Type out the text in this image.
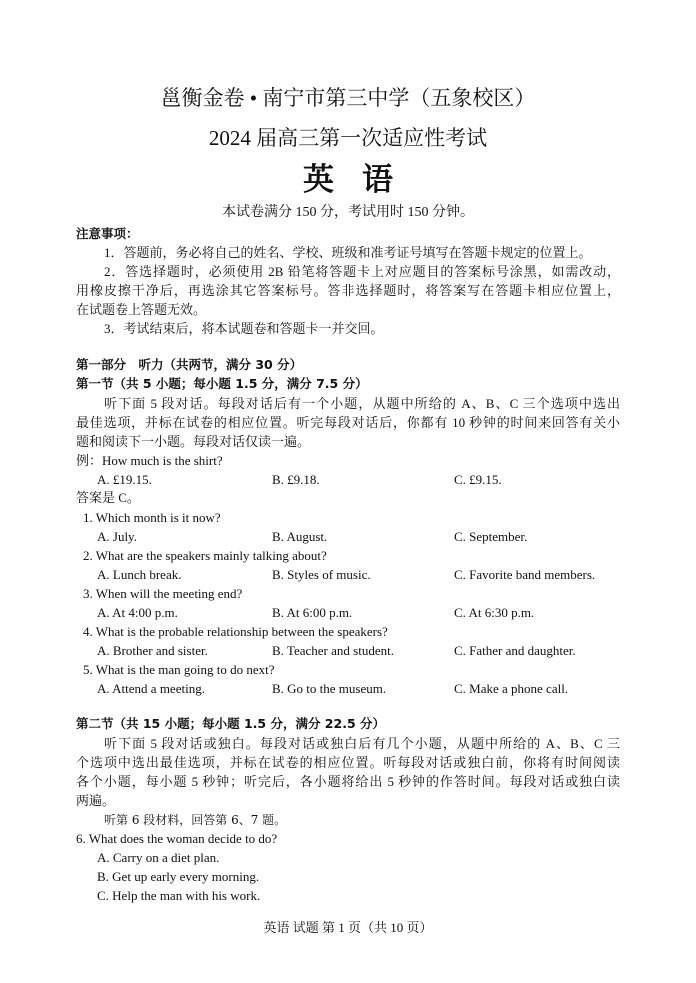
邕衡金卷 • 南宁市第三中学（五象校区）
2024 届高三第一次适应性考试
英语
本试卷满分 150 分，考试用时 150 分钟。
注意事项：
1．答题前，务必将自己的姓名、学校、班级和准考证号填写在答题卡规定的位置上。
2．答选择题时，必须使用 2B 铅笔将答题卡上对应题目的答案标号涂黑，如需改动，
用橡皮擦干净后，再选涂其它答案标号。答非选择题时，将答案写在答题卡相应位置上，
在试题卷上答题无效。
3．考试结束后，将本试题卷和答题卡一并交回。
第一部分　听力（共两节，满分 30 分）
第一节（共 5 小题；每小题 1.5 分，满分 7.5 分）
听下面 5 段对话。每段对话后有一个小题，从题中所给的 A、B、C 三个选项中选出
最佳选项，并标在试卷的相应位置。听完每段对话后，你都有 10 秒钟的时间来回答有关小
题和阅读下一小题。每段对话仅读一遍。
例：How much is the shirt?
A. £19.15.	B. £9.18.	C. £9.15.
答案是 C。
1. Which month is it now?
A. July.	B. August.	C. September.
2. What are the speakers mainly talking about?
A. Lunch break.	B. Styles of music.	C. Favorite band members.
3. When will the meeting end?
A. At 4:00 p.m.	B. At 6:00 p.m.	C. At 6:30 p.m.
4. What is the probable relationship between the speakers?
A. Brother and sister.	B. Teacher and student.	C. Father and daughter.
5. What is the man going to do next?
A. Attend a meeting.	B. Go to the museum.	C. Make a phone call.
第二节（共 15 小题；每小题 1.5 分，满分 22.5 分）
听下面 5 段对话或独白。每段对话或独白后有几个小题，从题中所给的 A、B、C 三
个选项中选出最佳选项，并标在试卷的相应位置。听每段对话或独白前，你将有时间阅读
各个小题，每小题 5 秒钟；听完后，各小题将给出 5 秒钟的作答时间。每段对话或独白读
两遍。
听第 6 段材料，回答第 6、7 题。
6. What does the woman decide to do?
A. Carry on a diet plan.
B. Get up early every morning.
C. Help the man with his work.
英语 试题 第 1 页（共 10 页）
